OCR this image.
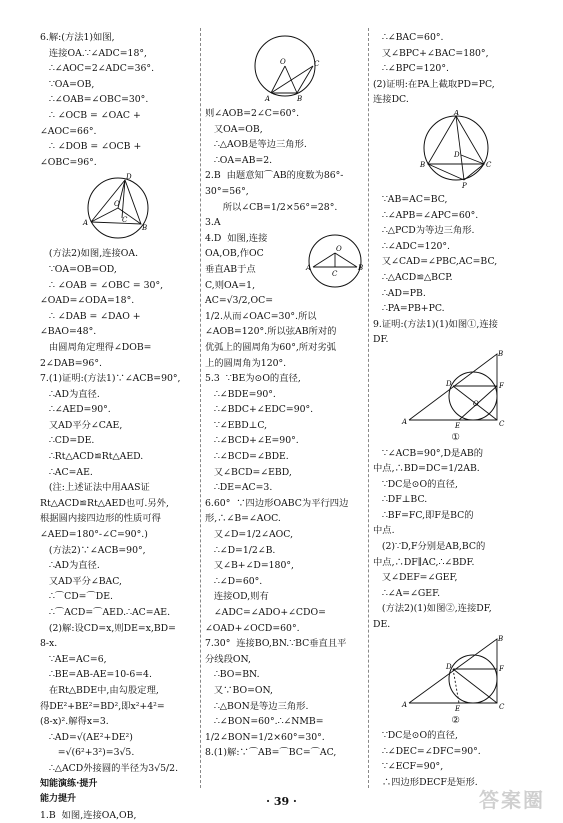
6.解:(方法1)如图,

连接OA.∵∠ADC=18°,

∴∠AOC=2∠ADC=36°.

∵OA=OB,

∴∠OAB=∠OBC=30°.

∴ ∠OCB = ∠OAC +

∠AOC=66°.

∴ ∠DOB = ∠OCB +

∠OBC=96°.

D
A
B
O
C

(方法2)如图,连接OA.

∵OA=OB=OD,

∴ ∠OAB = ∠OBC = 30°,

∠OAD=∠ODA=18°.

∴ ∠DAB = ∠DAO +

∠BAO=48°.

由圆周角定理得∠DOB=

2∠DAB=96°.

7.(1)证明:(方法1)∵∠ACB=90°,

∴AD为直径.

∴∠AED=90°.

又AD平分∠CAE,

∴CD=DE.

∴Rt△ACD≌Rt△AED.

∴AC=AE.

(注:上述证法中用AAS证

Rt△ACD≌Rt△AED也可.另外,

根据圆内接四边形的性质可得

∠AED=180°-∠C=90°.)

(方法2)∵∠ACB=90°,

∴AD为直径.

又AD平分∠BAC,

∴⌒CD=⌒DE.

∴⌒ACD=⌒AED.∴AC=AE.

(2)解:设CD=x,则DE=x,BD=

8-x.

∵AE=AC=6,

∴BE=AB-AE=10-6=4.

在Rt△BDE中,由勾股定理,

得DE²+BE²=BD²,即x²+4²=

(8-x)².解得x=3.

∴AD=√(AE²+DE²)

=√(6²+3²)=3√5.

∴△ACD外接圆的半径为3√5/2.

知能演练·提升

能力提升

1.B  如图,连接OA,OB,

O	C
A	B

则∠AOB=2∠C=60°.

又OA=OB,

∴△AOB是等边三角形.

∴OA=AB=2.

2.B  由题意知⌒AB的度数为86°-

30°=56°,

所以∠CB=1/2×56°=28°.

3.A

O
A	B
C

4.D  如图,连接

OA,OB,作OC

垂直AB于点

C,则OA=1,

AC=√3/2,OC=

1/2.从而∠OAC=30°.所以

∠AOB=120°.所以弦AB所对的

优弧上的圆周角为60°,所对劣弧

上的圆周角为120°.

5.3  ∵BE为⊙O的直径,

∴∠BDE=90°.

∴∠BDC+∠EDC=90°.

∵∠EBD⊥C,

∴∠BCD+∠E=90°.

∴∠BCD=∠BDE.

又∠BCD=∠EBD,

∴DE=AC=3.

6.60°  ∵四边形OABC为平行四边

形,∴∠B=∠AOC.

又∠D=1/2∠AOC,

∴∠D=1/2∠B.

又∠B+∠D=180°,

∴∠D=60°.

连接OD,则有

∠ADC=∠ADO+∠CDO=

∠OAD+∠OCD=60°.

7.30°  连接BO,BN.∵BC垂直且平

分线段ON,

∴BO=BN.

又∵BO=ON,

∴△BON是等边三角形.

∴∠BON=60°.∴∠NMB=

1/2∠BON=1/2×60°=30°.

8.(1)解:∵⌒AB=⌒BC=⌒AC,

∴∠BAC=60°.

又∠BPC+∠BAC=180°,

∴∠BPC=120°.

(2)证明:在PA上截取PD=PC,

连接DC.

A
B	C
D
P

∵AB=AC=BC,

∴∠APB=∠APC=60°.

∴△PCD为等边三角形.

∴∠ADC=120°.

又∠CAD=∠PBC,AC=BC,

∴△ACD≌△BCP.

∴AD=PB.

∴PA=PB+PC.

9.证明:(方法1)(1)如图①,连接

DF.

B
A	C
D	F
E
O

①

∵∠ACB=90°,D是AB的

中点,∴BD=DC=1/2AB.

∵DC是⊙O的直径,

∴DF⊥BC.

∴BF=FC,即F是BC的

中点.

(2)∵D,F分别是AB,BC的

中点,∴DF∥AC,∴∠BDF.

又∠DEF=∠GEF,

∴∠A=∠GEF.

(方法2)(1)如图②,连接DF,

DE.

B
A	C
D	F
E

②

∵DC是⊙O的直径,

∴∠DEC=∠DFC=90°.

∵∠ECF=90°,

∴四边形DECF是矩形.

· 39 ·	答案圈
